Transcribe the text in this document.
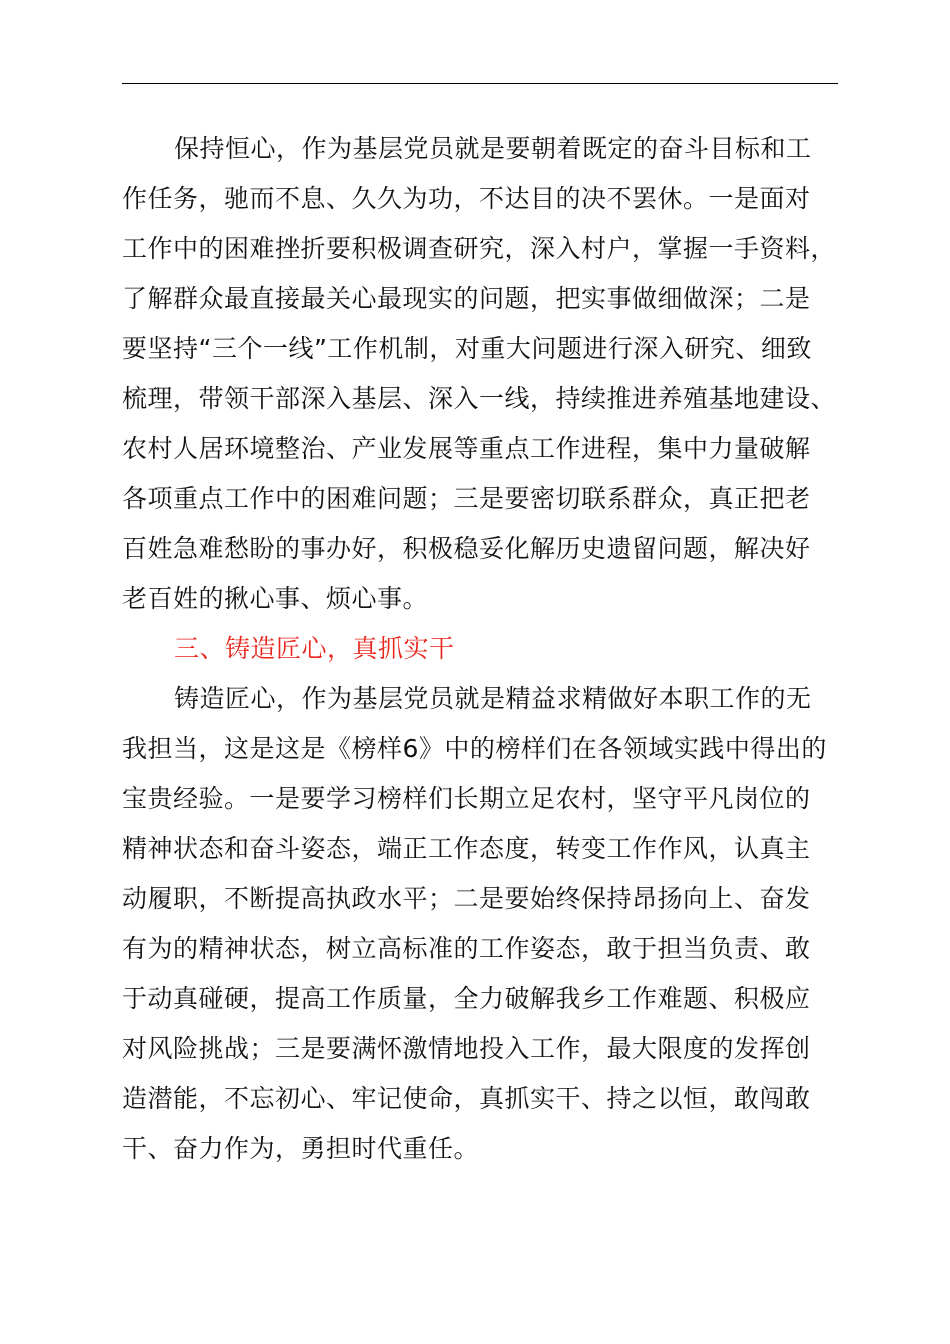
保持恒心，作为基层党员就是要朝着既定的奋斗目标和工
作任务，驰而不息、久久为功，不达目的决不罢休。一是面对
工作中的困难挫折要积极调查研究，深入村户，掌握一手资料，
了解群众最直接最关心最现实的问题，把实事做细做深；二是
要坚持“三个一线”工作机制，对重大问题进行深入研究、细致
梳理，带领干部深入基层、深入一线，持续推进养殖基地建设、
农村人居环境整治、产业发展等重点工作进程，集中力量破解
各项重点工作中的困难问题；三是要密切联系群众，真正把老
百姓急难愁盼的事办好，积极稳妥化解历史遗留问题，解决好
老百姓的揪心事、烦心事。
三、铸造匠心，真抓实干
铸造匠心，作为基层党员就是精益求精做好本职工作的无
我担当，这是这是《榜样6》中的榜样们在各领域实践中得出的
宝贵经验。一是要学习榜样们长期立足农村，坚守平凡岗位的
精神状态和奋斗姿态，端正工作态度，转变工作作风，认真主
动履职，不断提高执政水平；二是要始终保持昂扬向上、奋发
有为的精神状态，树立高标准的工作姿态，敢于担当负责、敢
于动真碰硬，提高工作质量，全力破解我乡工作难题、积极应
对风险挑战；三是要满怀激情地投入工作，最大限度的发挥创
造潜能，不忘初心、牢记使命，真抓实干、持之以恒，敢闯敢
干、奋力作为，勇担时代重任。
